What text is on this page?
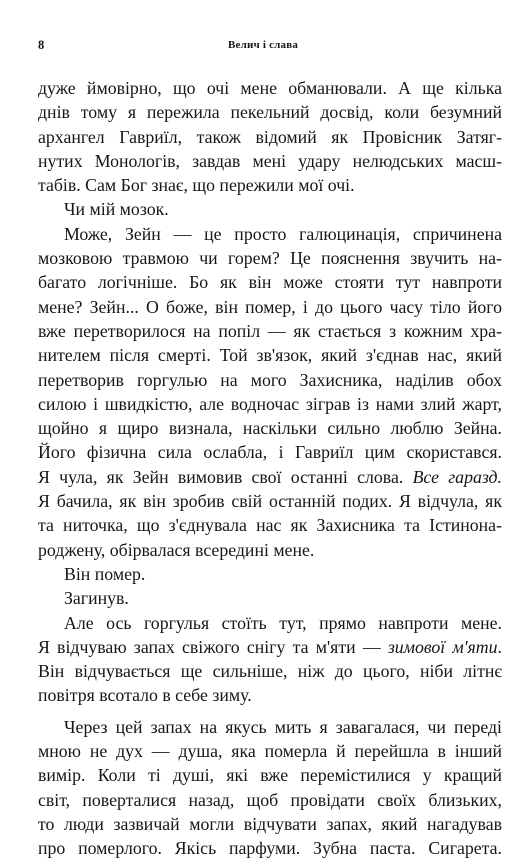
8	Велич і слава
дуже ймовірно, що очі мене обманювали. А ще кілька
днів тому я пережила пекельний досвід, коли безумний
архангел Гавриїл, також відомий як Провісник Затяг-
нутих Монологів, завдав мені удару нелюдських масш-
табів. Сам Бог знає, що пережили мої очі.
Чи мій мозок.
Може, Зейн — це просто галюцинація, спричинена
мозковою травмою чи горем? Це пояснення звучить на-
багато логічніше. Бо як він може стояти тут навпроти
мене? Зейн... О боже, він помер, і до цього часу тіло його
вже перетворилося на попіл — як стається з кожним хра-
нителем після смерті. Той зв'язок, який з'єднав нас, який
перетворив горгулью на мого Захисника, наділив обох
силою і швидкістю, але водночас зіграв із нами злий жарт,
щойно я щиро визнала, наскільки сильно люблю Зейна.
Його фізична сила ослабла, і Гавриїл цим скористався.
Я чула, як Зейн вимовив свої останні слова. Все гаразд.
Я бачила, як він зробив свій останній подих. Я відчула, як
та ниточка, що з'єднувала нас як Захисника та Істинона-
роджену, обірвалася всередині мене.
Він помер.
Загинув.
Але ось горгулья стоїть тут, прямо навпроти мене.
Я відчуваю запах свіжого снігу та м'яти — зимової м'яти.
Він відчувається ще сильніше, ніж до цього, ніби літнє
повітря всотало в себе зиму.
Через цей запах на якусь мить я завагалася, чи переді
мною не дух — душа, яка померла й перейшла в інший
вимір. Коли ті душі, які вже перемістилися у кращий
світ, поверталися назад, щоб провідати своїх близьких,
то люди зазвичай могли відчувати запах, який нагадував
про померлого. Якісь парфуми. Зубна паста. Сигарета.
